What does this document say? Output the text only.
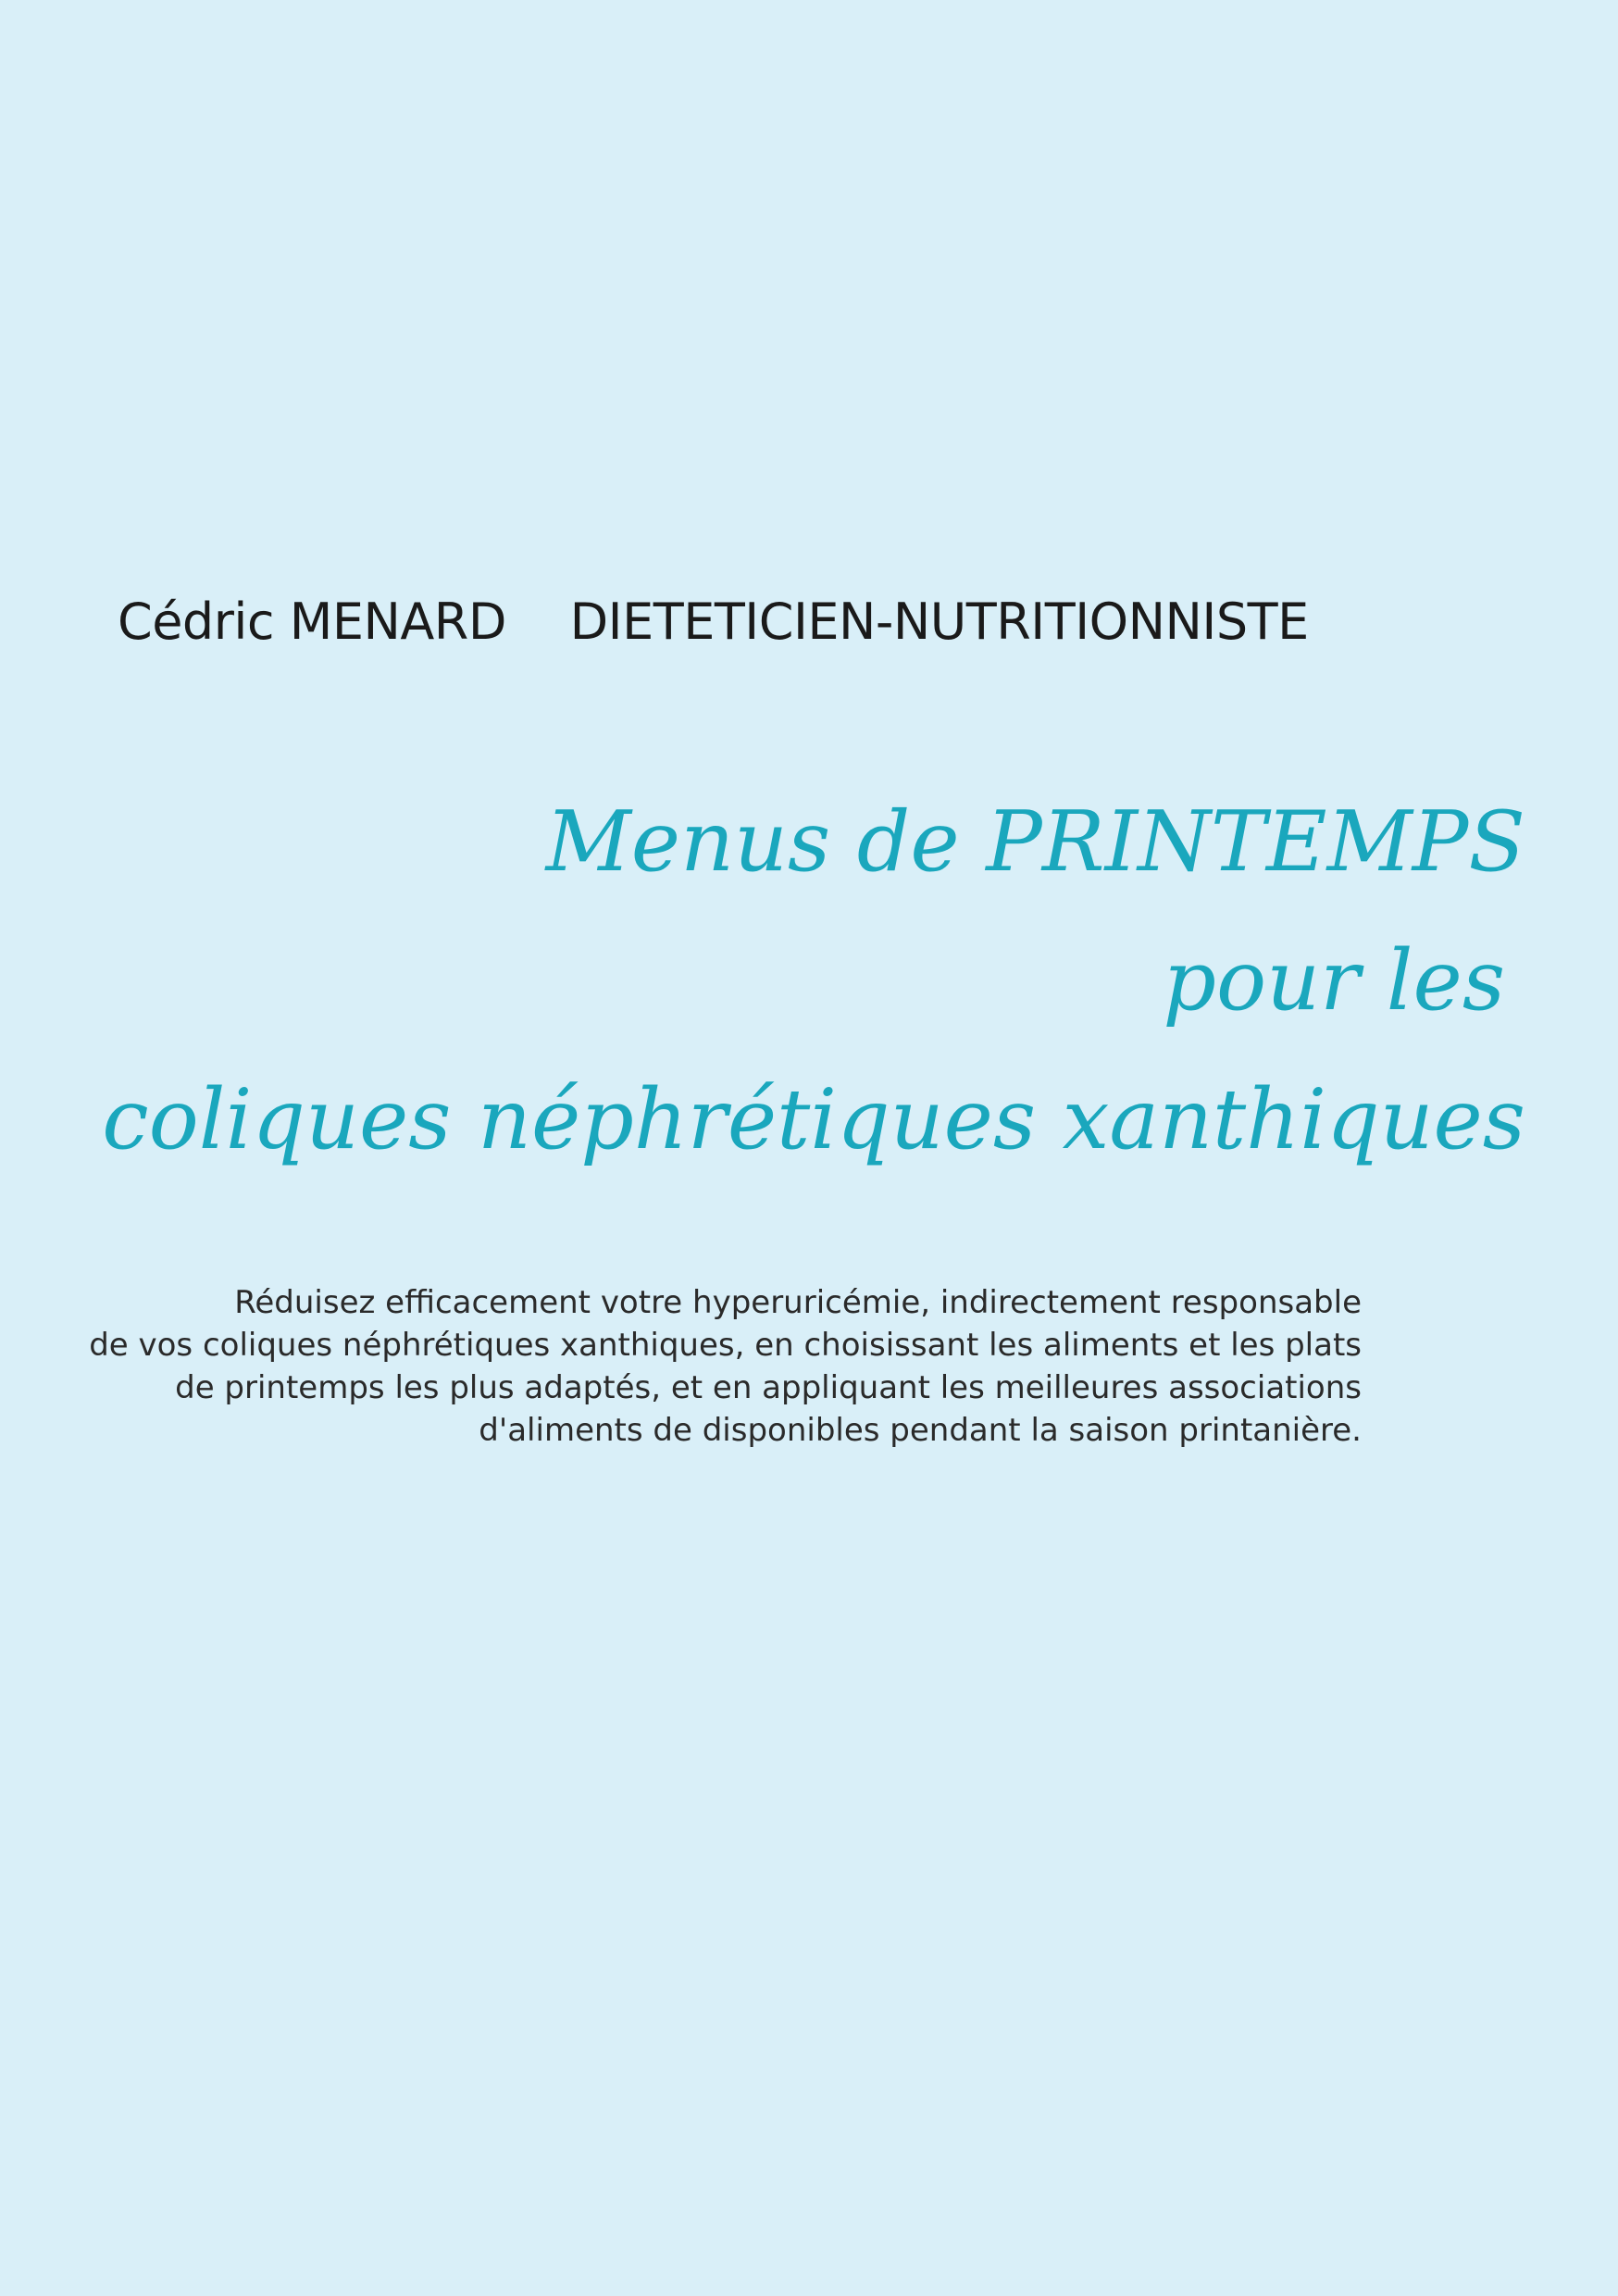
Cédric MENARD DIETETICIEN-NUTRITIONNISTE
Menus de PRINTEMPS
pour les
coliques néphrétiques xanthiques
Réduisez efficacement votre hyperuricémie, indirectement responsable
de vos coliques néphrétiques xanthiques, en choisissant les aliments et les plats
de printemps les plus adaptés, et en appliquant les meilleures associations
d'aliments de disponibles pendant la saison printanière.
